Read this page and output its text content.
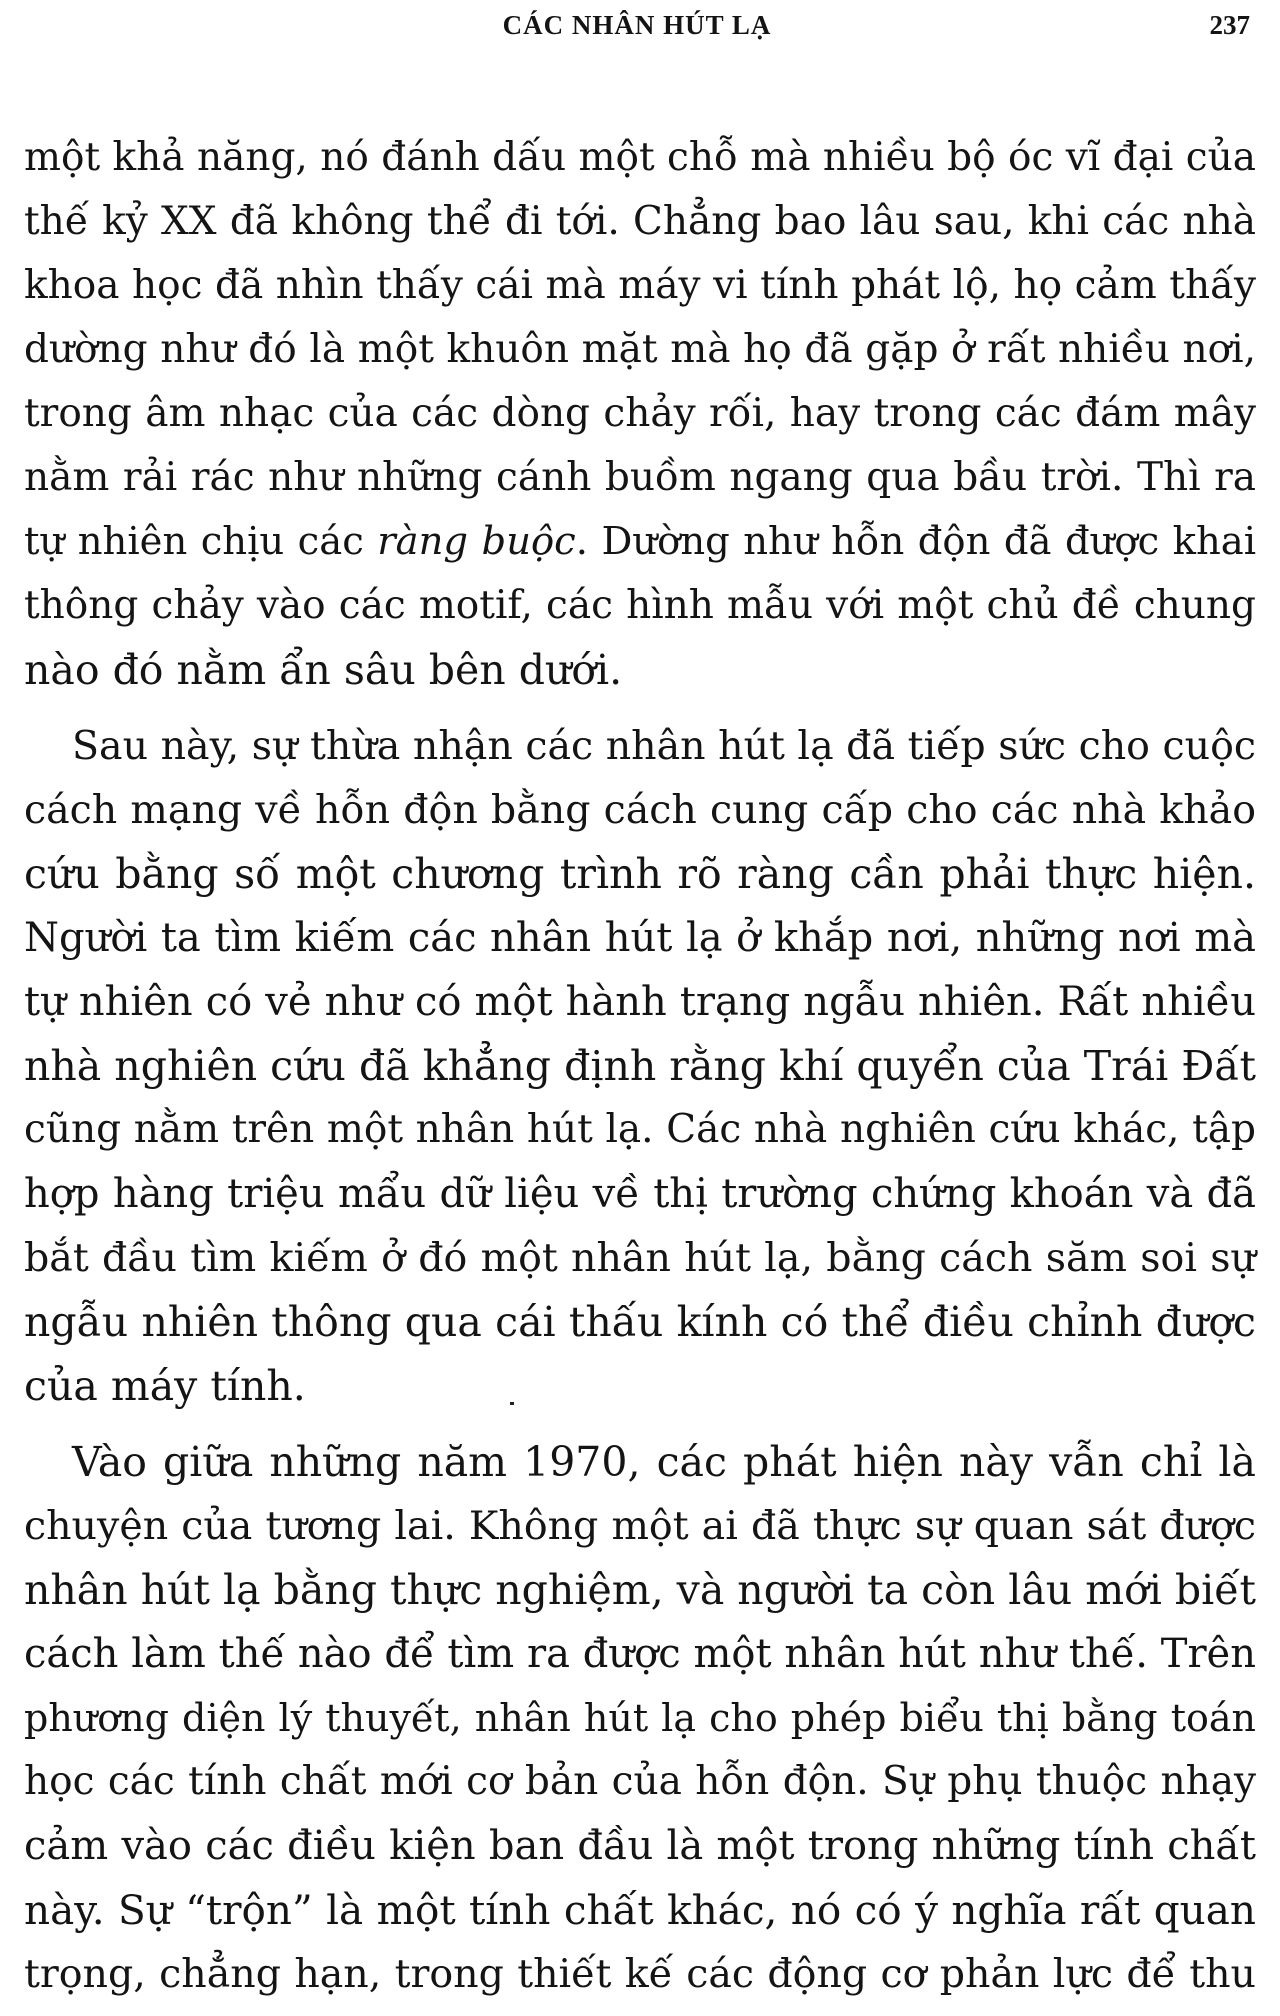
CÁC NHÂN HÚT LẠ	237
một khả năng, nó đánh dấu một chỗ mà nhiều bộ óc vĩ đại của
thế kỷ XX đã không thể đi tới. Chẳng bao lâu sau, khi các nhà
khoa học đã nhìn thấy cái mà máy vi tính phát lộ, họ cảm thấy
dường như đó là một khuôn mặt mà họ đã gặp ở rất nhiều nơi,
trong âm nhạc của các dòng chảy rối, hay trong các đám mây
nằm rải rác như những cánh buồm ngang qua bầu trời. Thì ra
tự nhiên chịu các ràng buộc. Dường như hỗn độn đã được khai
thông chảy vào các motif, các hình mẫu với một chủ đề chung
nào đó nằm ẩn sâu bên dưới.
Sau này, sự thừa nhận các nhân hút lạ đã tiếp sức cho cuộc
cách mạng về hỗn độn bằng cách cung cấp cho các nhà khảo
cứu bằng số một chương trình rõ ràng cần phải thực hiện.
Người ta tìm kiếm các nhân hút lạ ở khắp nơi, những nơi mà
tự nhiên có vẻ như có một hành trạng ngẫu nhiên. Rất nhiều
nhà nghiên cứu đã khẳng định rằng khí quyển của Trái Đất
cũng nằm trên một nhân hút lạ. Các nhà nghiên cứu khác, tập
hợp hàng triệu mẩu dữ liệu về thị trường chứng khoán và đã
bắt đầu tìm kiếm ở đó một nhân hút lạ, bằng cách săm soi sự
ngẫu nhiên thông qua cái thấu kính có thể điều chỉnh được
của máy tính.
Vào giữa những năm 1970, các phát hiện này vẫn chỉ là
chuyện của tương lai. Không một ai đã thực sự quan sát được
nhân hút lạ bằng thực nghiệm, và người ta còn lâu mới biết
cách làm thế nào để tìm ra được một nhân hút như thế. Trên
phương diện lý thuyết, nhân hút lạ cho phép biểu thị bằng toán
học các tính chất mới cơ bản của hỗn độn. Sự phụ thuộc nhạy
cảm vào các điều kiện ban đầu là một trong những tính chất
này. Sự “trộn” là một tính chất khác, nó có ý nghĩa rất quan
trọng, chẳng hạn, trong thiết kế các động cơ phản lực để thu
